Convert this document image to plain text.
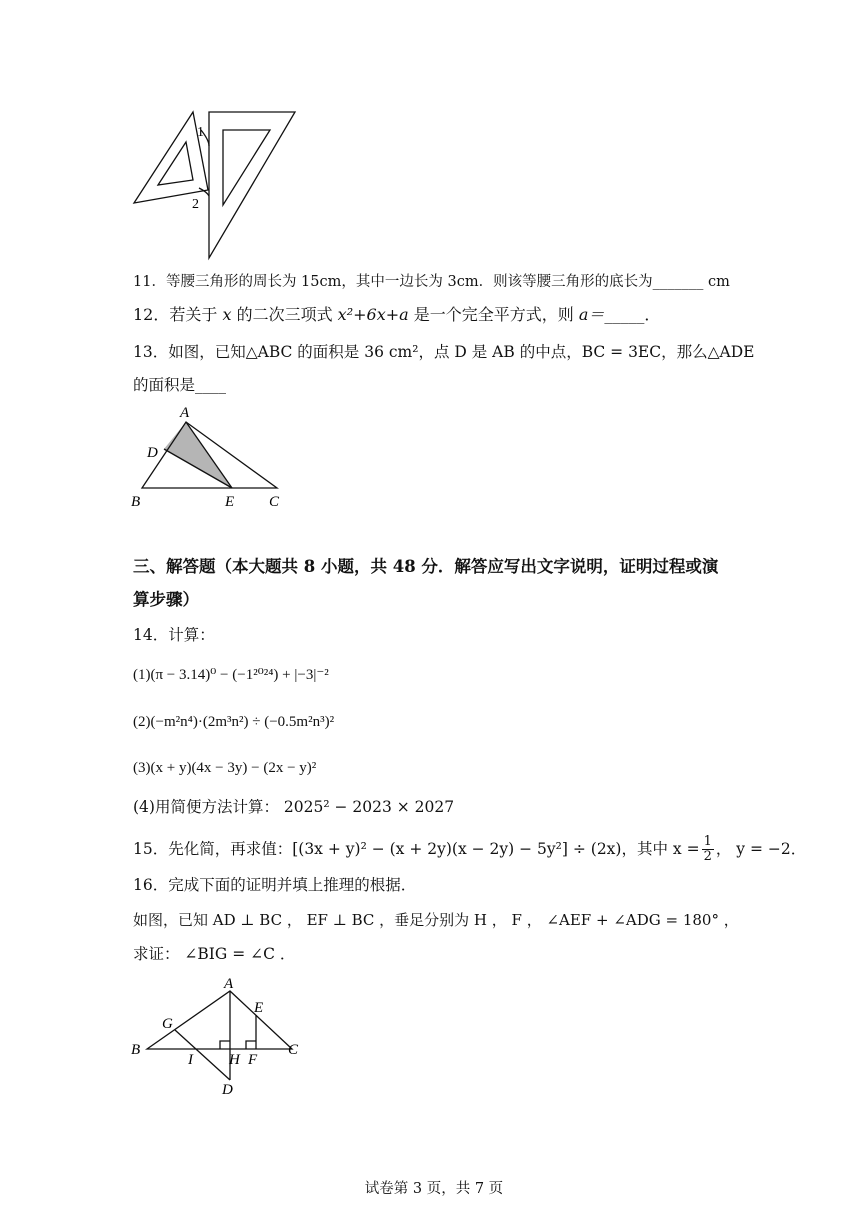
1
2
11．等腰三角形的周长为 15cm，其中一边长为 3cm．则该等腰三角形的底长为_______ cm
12．若关于 x 的二次三项式 x²+6x+a 是一个完全平方式，则 a＝_____．
13．如图，已知△ABC 的面积是 36 cm²，点 D 是 AB 的中点，BC = 3EC，那么△ADE
的面积是____
A
D
B	E C
三、解答题（本大题共 8 小题，共 48 分．解答应写出文字说明，证明过程或演
算步骤）
14．计算：
(1)(π − 3.14)⁰ − (−1²⁰²⁴) + |−3|⁻²
(2)(−m²n⁴)·(2m³n²) ÷ (−0.5m²n³)²
(3)(x + y)(4x − 3y) − (2x − y)²
(4)用简便方法计算： 2025² − 2023 × 2027
15．先化简，再求值：[(3x + y)² − (x + 2y)(x − 2y) − 5y²] ÷ (2x)，其中 $x = \frac{1}{2}$ ， y = −2．
16．完成下面的证明并填上推理的根据．
如图，已知 AD ⊥ BC ， EF ⊥ BC ，垂足分别为 H ， F ， ∠AEF + ∠ADG = 180° ，
求证： ∠BIG = ∠C ．
A
E
G
B	C
I H F
D
试卷第 3 页，共 7 页
